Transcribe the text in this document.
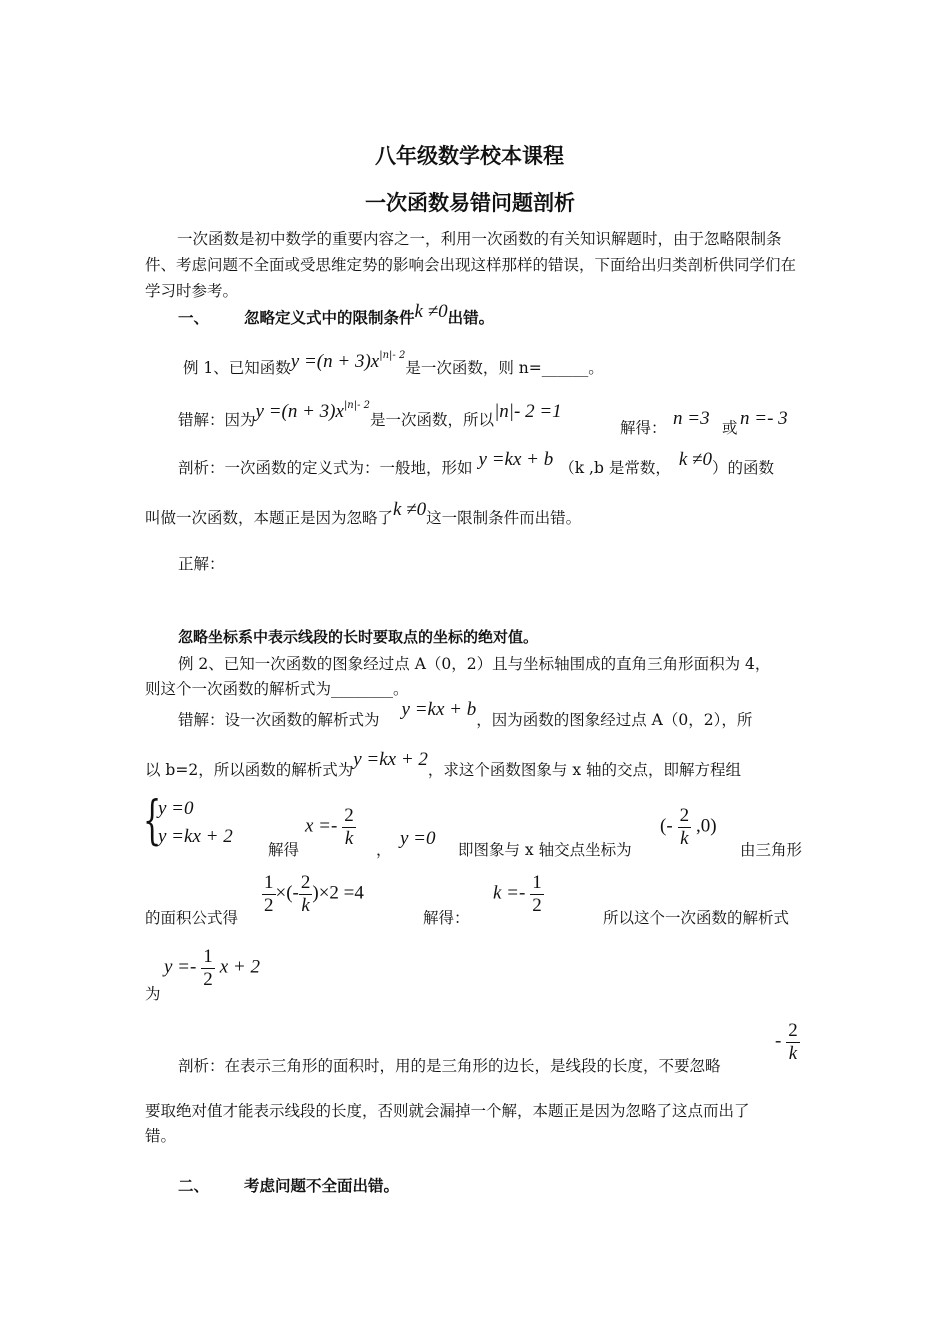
八年级数学校本课程
一次函数易错问题剖析
一次函数是初中数学的重要内容之一，利用一次函数的有关知识解题时，由于忽略限制条件、考虑问题不全面或受思维定势的影响会出现这样那样的错误，下面给出归类剖析供同学们在学习时参考。
一、 忽略定义式中的限制条件k ≠0出错。
例 1、已知函数$y =(n + 3)x^{|n|- 2}$是一次函数，则 n=______。
错解：因为$y =(n + 3)x^{|n|- 2}$是一次函数，所以|n|- 2 =1
解得： n =3 或 n =- 3
剖析：一次函数的定义式为：一般地，形如 y =kx + b （k ,b 是常数， k ≠0）的函数
叫做一次函数，本题正是因为忽略了k ≠0这一限制条件而出错。
正解：
忽略坐标系中表示线段的长时要取点的坐标的绝对值。
例 2、已知一次函数的图象经过点 A（0，2）且与坐标轴围成的直角三角形面积为 4，
则这个一次函数的解析式为________。
错解：设一次函数的解析式为 y =kx + b，因为函数的图象经过点 A（0，2），所
以 b=2，所以函数的解析式为y =kx + 2，求这个函数图象与 x 轴的交点，即解方程组
{
y =0
y =kx + 2
解得
$x =- \frac{2}{k}$ ，
y =0
即图象与 x 轴交点坐标为
(- $\frac{2}{k} ,0$)
由三角形
的面积公式得
$\frac{1}{2}$ ×(- $\frac{2}{k} )\times 2 =4$
解得：
$k =- \frac{1}{2}$
所以这个一次函数的解析式
为
$y =- \frac{1}{2}$ x + 2
- $\frac{2}{k}$
剖析：在表示三角形的面积时，用的是三角形的边长，是线段的长度，不要忽略
要取绝对值才能表示线段的长度，否则就会漏掉一个解，本题正是因为忽略了这点而出了
错。
二、 考虑问题不全面出错。
